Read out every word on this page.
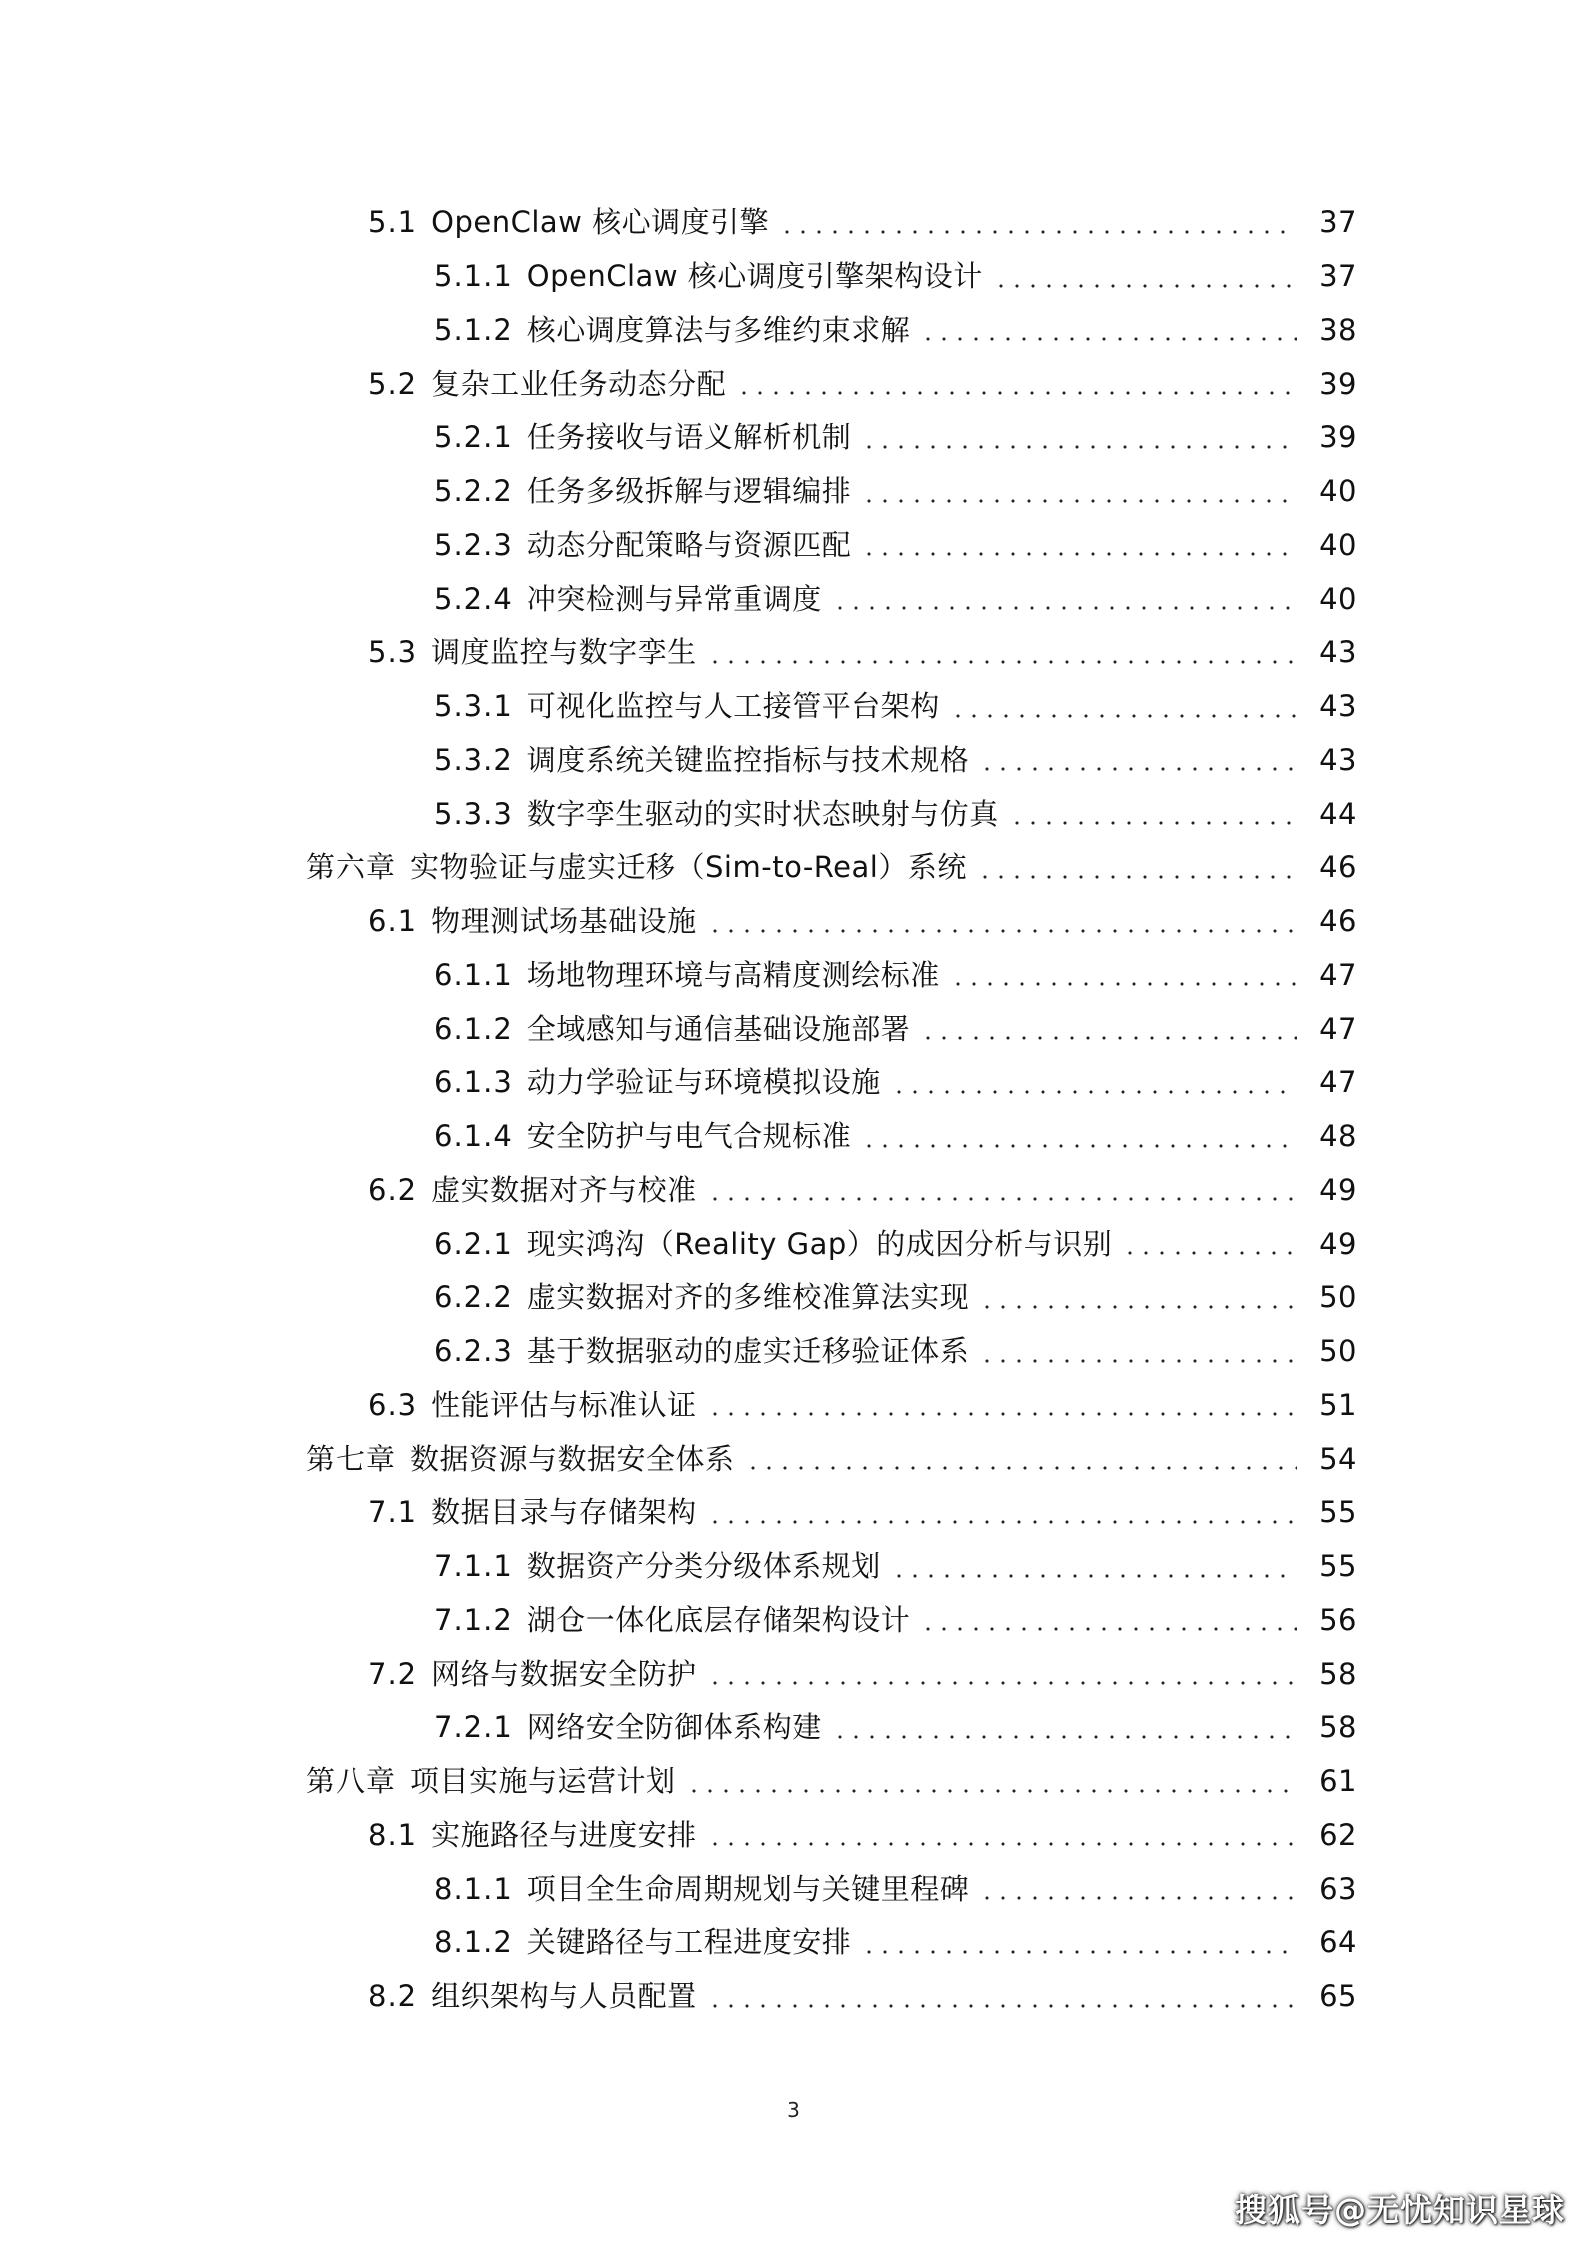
5.1 OpenClaw 核心调度引擎	37
5.1.1 OpenClaw 核心调度引擎架构设计	37
5.1.2 核心调度算法与多维约束求解	38
5.2 复杂工业任务动态分配	39
5.2.1 任务接收与语义解析机制	39
5.2.2 任务多级拆解与逻辑编排	40
5.2.3 动态分配策略与资源匹配	40
5.2.4 冲突检测与异常重调度	40
5.3 调度监控与数字孪生	43
5.3.1 可视化监控与人工接管平台架构	43
5.3.2 调度系统关键监控指标与技术规格	43
5.3.3 数字孪生驱动的实时状态映射与仿真	44
第六章 实物验证与虚实迁移（Sim-to-Real）系统	46
6.1 物理测试场基础设施	46
6.1.1 场地物理环境与高精度测绘标准	47
6.1.2 全域感知与通信基础设施部署	47
6.1.3 动力学验证与环境模拟设施	47
6.1.4 安全防护与电气合规标准	48
6.2 虚实数据对齐与校准	49
6.2.1 现实鸿沟（Reality Gap）的成因分析与识别	49
6.2.2 虚实数据对齐的多维校准算法实现	50
6.2.3 基于数据驱动的虚实迁移验证体系	50
6.3 性能评估与标准认证	51
第七章 数据资源与数据安全体系	54
7.1 数据目录与存储架构	55
7.1.1 数据资产分类分级体系规划	55
7.1.2 湖仓一体化底层存储架构设计	56
7.2 网络与数据安全防护	58
7.2.1 网络安全防御体系构建	58
第八章 项目实施与运营计划	61
8.1 实施路径与进度安排	62
8.1.1 项目全生命周期规划与关键里程碑	63
8.1.2 关键路径与工程进度安排	64
8.2 组织架构与人员配置	65
3
搜狐号@无忧知识星球
